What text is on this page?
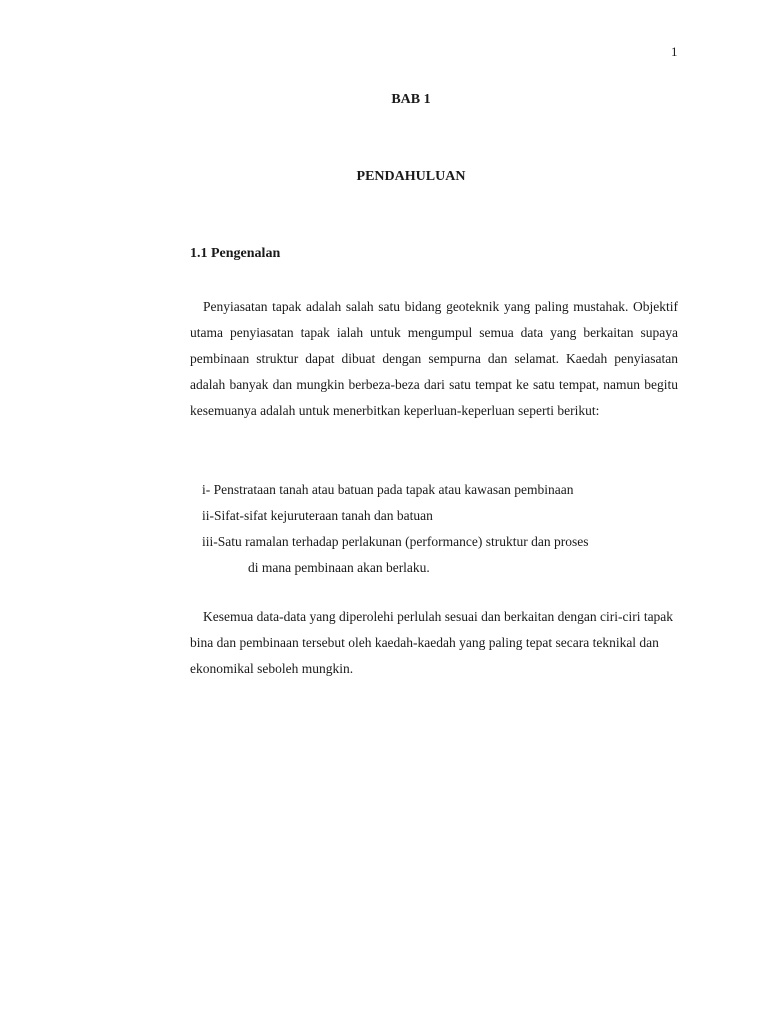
1
BAB 1
PENDAHULUAN
1.1 Pengenalan
Penyiasatan tapak adalah salah satu bidang geoteknik yang paling mustahak. Objektif utama penyiasatan tapak ialah untuk mengumpul semua data yang berkaitan supaya pembinaan struktur dapat dibuat dengan sempurna dan selamat. Kaedah penyiasatan adalah banyak dan mungkin berbeza-beza dari satu tempat ke satu tempat, namun begitu kesemuanya adalah untuk menerbitkan keperluan-keperluan seperti berikut:
i- Penstrataan tanah atau batuan pada tapak atau kawasan pembinaan
ii-Sifat-sifat kejuruteraan tanah dan batuan
iii-Satu ramalan terhadap perlakunan (performance) struktur dan proses
di mana pembinaan akan berlaku.
Kesemua data-data yang diperolehi perlulah sesuai dan berkaitan dengan ciri-ciri tapak bina dan pembinaan tersebut oleh kaedah-kaedah yang paling tepat secara teknikal dan ekonomikal seboleh mungkin.
